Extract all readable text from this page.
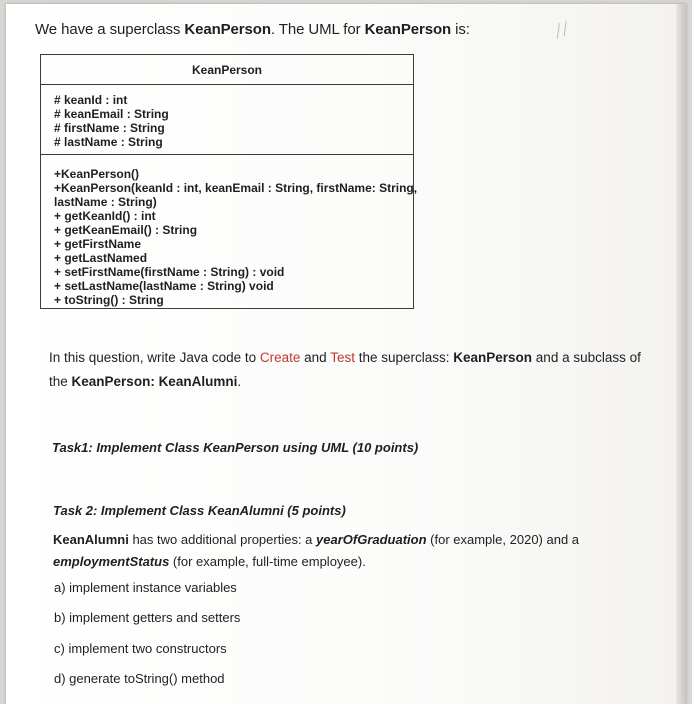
╱╱
We have a superclass KeanPerson. The UML for KeanPerson is:
KeanPerson
# keanId : int
# keanEmail : String
# firstName : String
# lastName : String
+KeanPerson()
+KeanPerson(keanId : int, keanEmail : String, firstName: String,
lastName : String)
+ getKeanId() : int
+ getKeanEmail() : String
+ getFirstName
+ getLastNamed
+ setFirstName(firstName : String) : void
+ setLastName(lastName : String) void
+ toString() : String
In this question, write Java code to Create and Test the superclass: KeanPerson and a subclass of
the KeanPerson: KeanAlumni.
Task1: Implement Class KeanPerson using UML (10 points)
Task 2: Implement Class KeanAlumni (5 points)
KeanAlumni has two additional properties: a yearOfGraduation (for example, 2020) and a
employmentStatus (for example, full-time employee).
a) implement instance variables
b) implement getters and setters
c) implement two constructors
d) generate toString() method
